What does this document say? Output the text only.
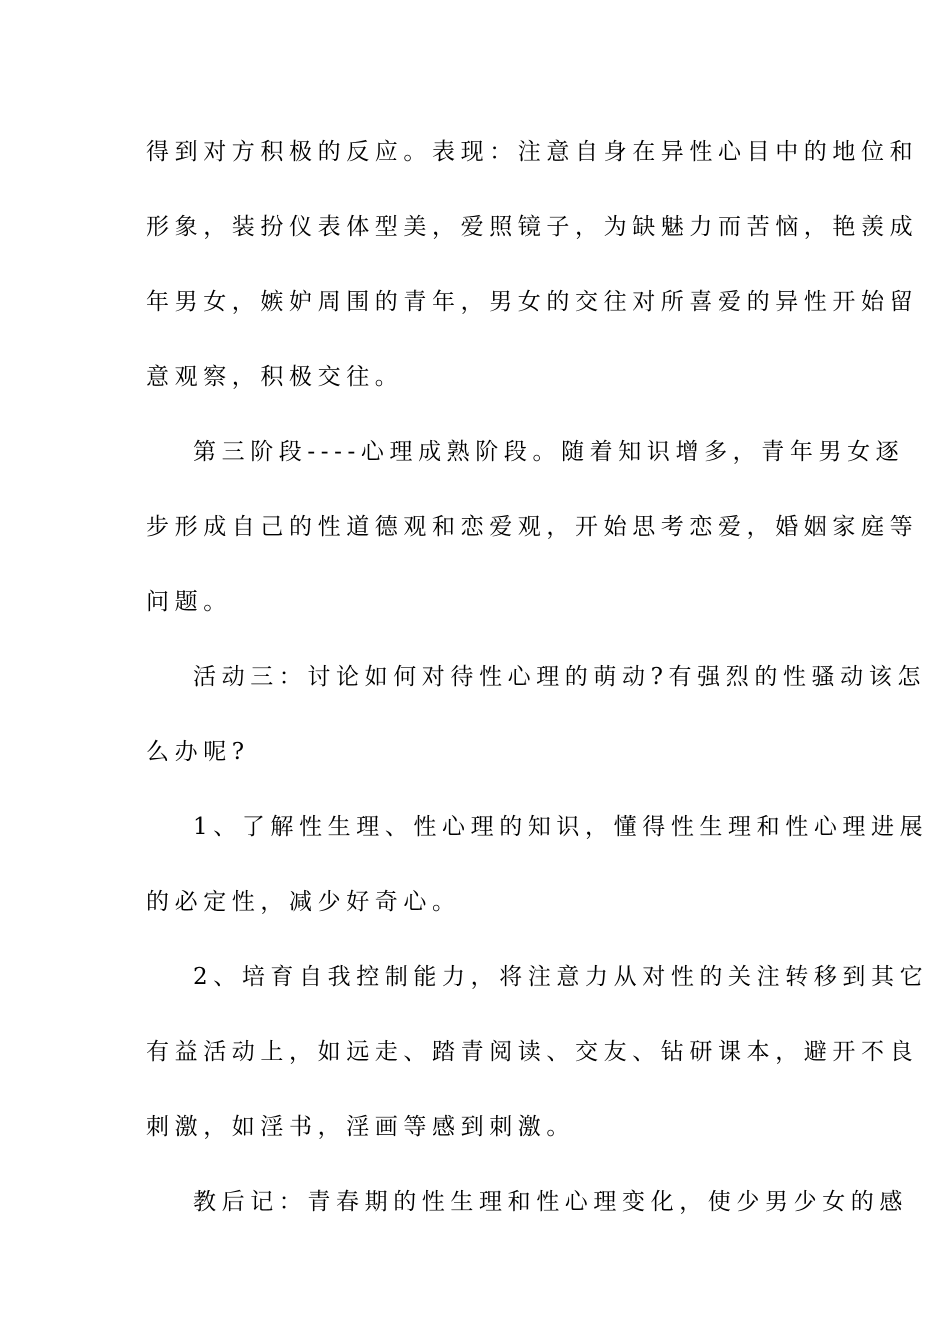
得到对方积极的反应。表现：注意自身在异性心目中的地位和
形象，装扮仪表体型美，爱照镜子，为缺魅力而苦恼，艳羡成
年男女，嫉妒周围的青年，男女的交往对所喜爱的异性开始留
意观察，积极交往。
第三阶段----心理成熟阶段。随着知识增多，青年男女逐
步形成自己的性道德观和恋爱观，开始思考恋爱，婚姻家庭等
问题。
活动三：讨论如何对待性心理的萌动?有强烈的性骚动该怎
么办呢?
1、了解性生理、性心理的知识，懂得性生理和性心理进展
的必定性，减少好奇心。
2、培育自我控制能力，将注意力从对性的关注转移到其它
有益活动上，如远走、踏青阅读、交友、钻研课本，避开不良
刺激，如淫书，淫画等感到刺激。
教后记：青春期的性生理和性心理变化，使少男少女的感
